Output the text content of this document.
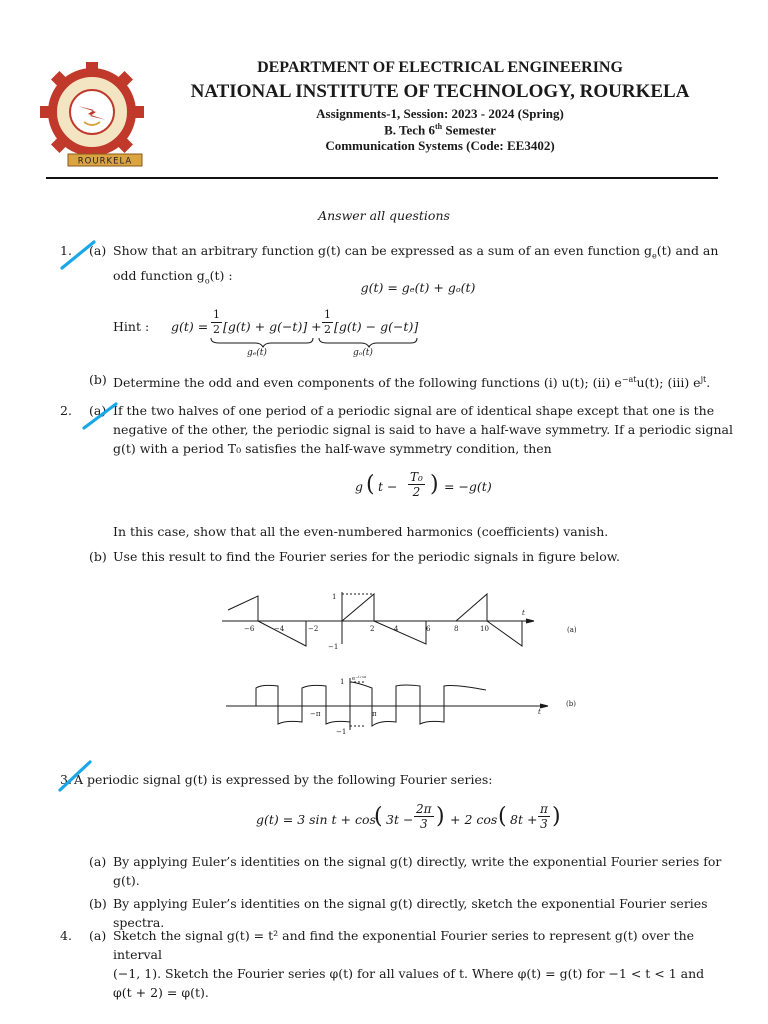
ROURKELA
DEPARTMENT OF ELECTRICAL ENGINEERING
NATIONAL INSTITUTE OF TECHNOLOGY, ROURKELA
Assignments-1, Session: 2023 - 2024 (Spring)
B. Tech 6th Semester
Communication Systems (Code: EE3402)
Answer all questions
1. (a) Show that an arbitrary function g(t) can be expressed as a sum of an even function $g_e(t)$ and an
odd function $g_o(t)$ :
g(t) = gₑ(t) + gₒ(t)
Hint : $g(t) = \frac{1}{2} [g(t) + g(-t)] + \frac{1}{2} [g(t) - g(-t)]$
gₑ(t)	gₒ(t)
(b) Determine the odd and even components of the following functions (i) u(t); (ii) $e^{-at}u(t)$; (iii) $e^{jt}$.
2. (a) If the two halves of one period of a periodic signal are of identical shape except that one is the
negative of the other, the periodic signal is said to have a half-wave symmetry. If a periodic signal
g(t) with a period T₀ satisfies the half-wave symmetry condition, then
g ( $t - \frac{\text{T₀}}{2}$ ) = −g(t)
In this case, show that all the even-numbered harmonics (coefficients) vanish.
(b) Use this result to find the Fourier series for the periodic signals in figure below.
−6	−4	−2	2	4	6	8	10
1
−1
t
(a)
e⁻ᵗᐟ¹⁰
1
−1
−π	π	t
(b)
3. A periodic signal g(t) is expressed by the following Fourier series:
g(t) = 3 sin t + cos
( $3t - \frac{2\pi}{3}$ ) + 2 cos ( $8t + \frac{\pi}{3}$ )
(a) By applying Euler’s identities on the signal g(t) directly, write the exponential Fourier series for
g(t).
(b) By applying Euler’s identities on the signal g(t) directly, sketch the exponential Fourier series spectra.
4. (a) Sketch the signal g(t) = t² and find the exponential Fourier series to represent g(t) over the interval
(−1, 1). Sketch the Fourier series φ(t) for all values of t. Where φ(t) = g(t) for −1 < t < 1 and
φ(t + 2) = φ(t).
